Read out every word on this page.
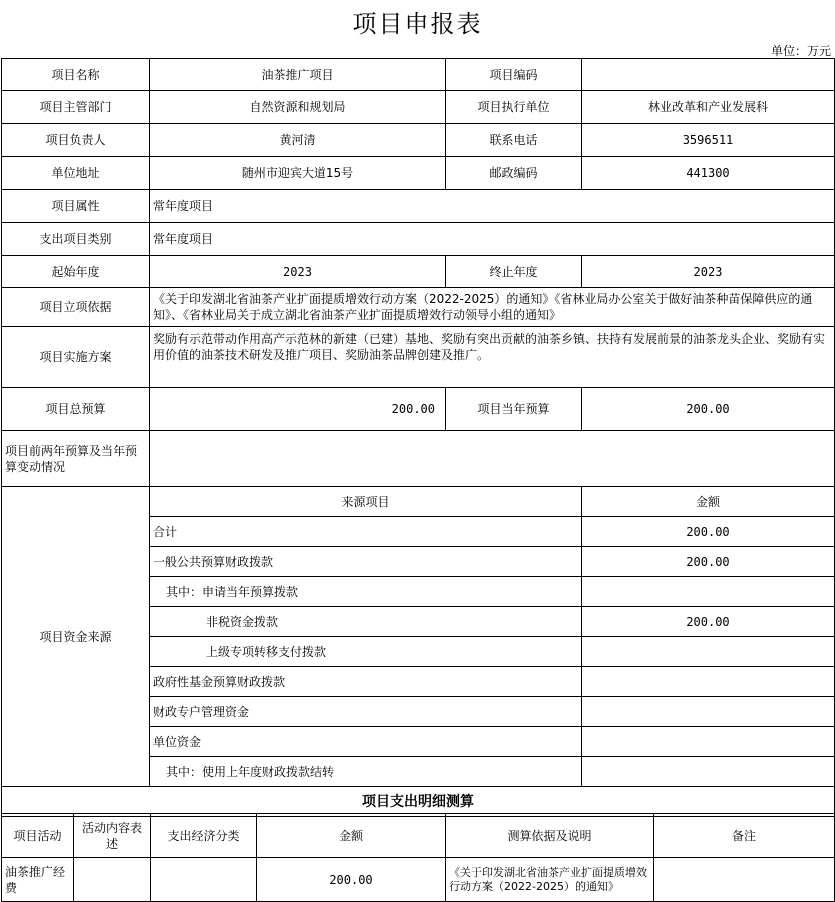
项目申报表
单位：万元
项目名称	油茶推广项目	项目编码	
项目主管部门	自然资源和规划局	项目执行单位	林业改革和产业发展科
项目负责人	黄河清	联系电话	3596511
单位地址	随州市迎宾大道15号	邮政编码	441300
项目属性	常年度项目		
支出项目类别	常年度项目		
起始年度	2023	终止年度	2023
项目立项依据	《关于印发湖北省油茶产业扩面提质增效行动方案（2022-2025）的通知》《省林业局办公室关于做好油茶种苗保障供应的通知》、《省林业局关于成立湖北省油茶产业扩面提质增效行动领导小组的通知》		
项目实施方案	奖励有示范带动作用高产示范林的新建（已建）基地、奖励有突出贡献的油茶乡镇、扶持有发展前景的油茶龙头企业、奖励有实用价值的油茶技术研发及推广项目、奖励油茶品牌创建及推广。		
项目总预算	200.00	项目当年预算	200.00
项目前两年预算及当年预算变动情况			
项目资金来源	来源项目		金额
	合计		200.00
	一般公共预算财政拨款		200.00
	其中：申请当年预算拨款		
	非税资金拨款		200.00
	上级专项转移支付拨款		
	政府性基金预算财政拨款		
	财政专户管理资金		
	单位资金		
	其中：使用上年度财政拨款结转		
项目支出明细测算			
项目活动	活动内容表述	支出经济分类	金额	测算依据及说明	备注
油茶推广经费			200.00	《关于印发湖北省油茶产业扩面提质增效行动方案（2022-2025）的通知》	
